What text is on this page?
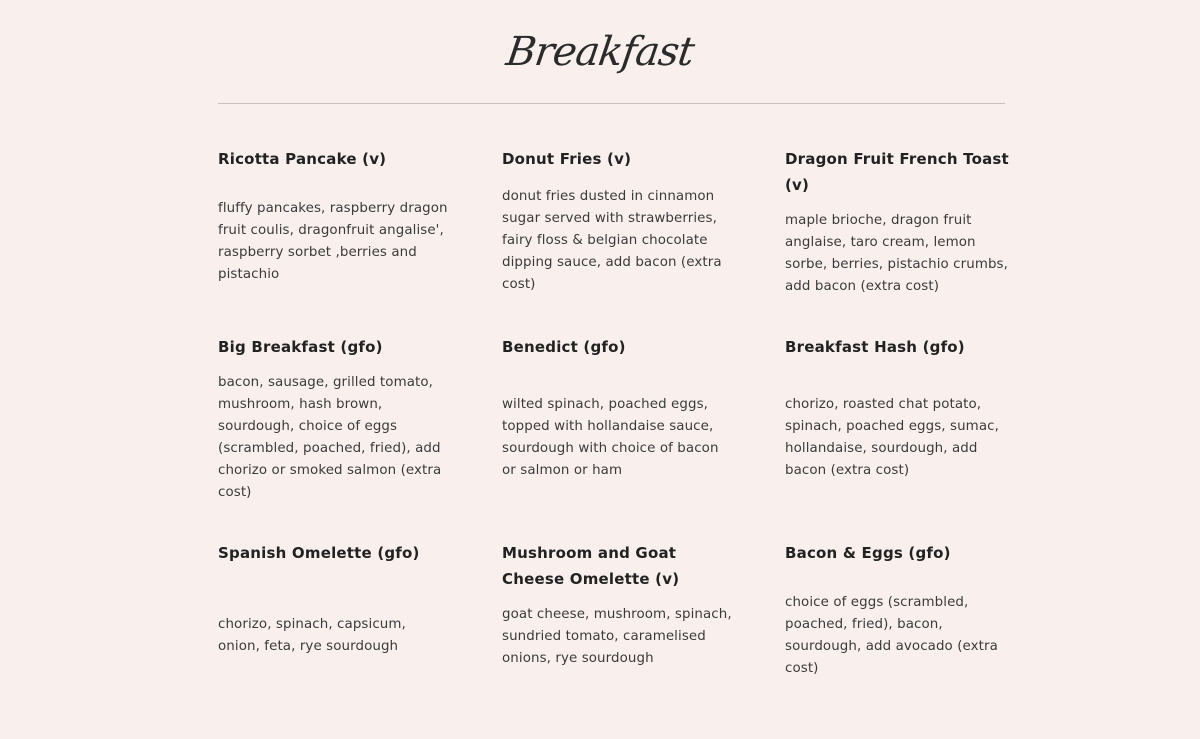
Breakfast
Ricotta Pancake (v)
fluffy pancakes, raspberry dragon fruit coulis, dragonfruit angalise', raspberry sorbet ,berries and pistachio
Donut Fries (v)
donut fries dusted in cinnamon sugar served with strawberries, fairy floss & belgian chocolate dipping sauce, add bacon (extra cost)
Dragon Fruit French Toast (v)
maple brioche, dragon fruit anglaise, taro cream, lemon sorbe, berries, pistachio crumbs, add bacon (extra cost)
Big Breakfast (gfo)
bacon, sausage, grilled tomato, mushroom, hash brown, sourdough, choice of eggs (scrambled, poached, fried), add chorizo or smoked salmon (extra cost)
Benedict (gfo)
wilted spinach, poached eggs, topped with hollandaise sauce, sourdough with choice of bacon or salmon or ham
Breakfast Hash (gfo)
chorizo, roasted chat potato, spinach, poached eggs, sumac, hollandaise, sourdough, add bacon (extra cost)
Spanish Omelette (gfo)
chorizo, spinach, capsicum, onion, feta, rye sourdough
Mushroom and Goat Cheese Omelette (v)
goat cheese, mushroom, spinach, sundried tomato, caramelised onions, rye sourdough
Bacon & Eggs (gfo)
choice of eggs (scrambled, poached, fried), bacon, sourdough, add avocado (extra cost)
